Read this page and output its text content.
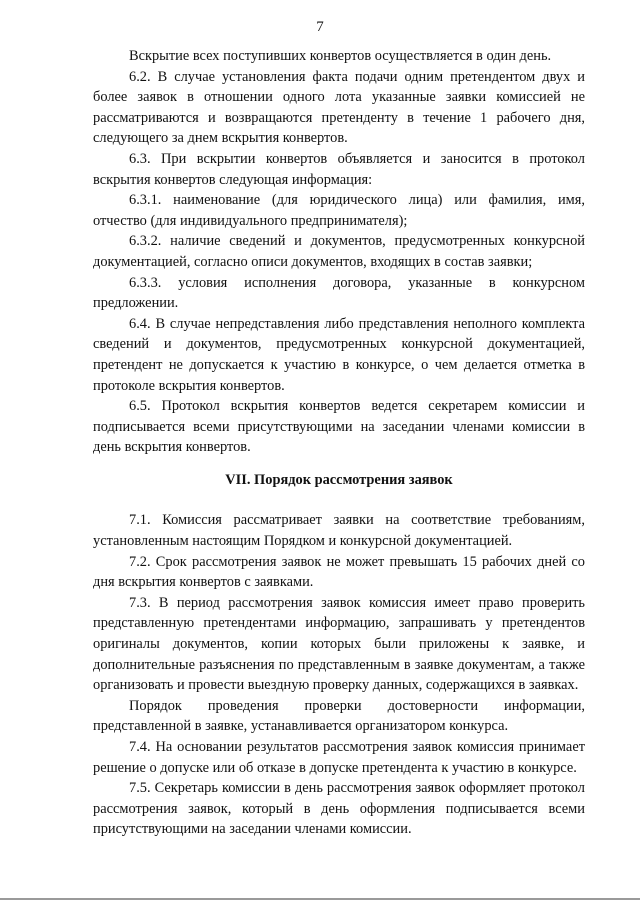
7

Вскрытие всех поступивших конвертов осуществляется в один день.

6.2. В случае установления факта подачи одним претендентом двух и более заявок в отношении одного лота указанные заявки комиссией не рассматриваются и возвращаются претенденту в течение 1 рабочего дня, следующего за днем вскрытия конвертов.

6.3. При вскрытии конвертов объявляется и заносится в протокол вскрытия конвертов следующая информация:

6.3.1. наименование (для юридического лица) или фамилия, имя, отчество (для индивидуального предпринимателя);

6.3.2. наличие сведений и документов, предусмотренных конкурсной документацией, согласно описи документов, входящих в состав заявки;

6.3.3. условия исполнения договора, указанные в конкурсном предложении.

6.4. В случае непредставления либо представления неполного комплекта сведений и документов, предусмотренных конкурсной документацией, претендент не допускается к участию в конкурсе, о чем делается отметка в протоколе вскрытия конвертов.

6.5. Протокол вскрытия конвертов ведется секретарем комиссии и подписывается всеми присутствующими на заседании членами комиссии в день вскрытия конвертов.

VII. Порядок рассмотрения заявок

7.1. Комиссия рассматривает заявки на соответствие требованиям, установленным настоящим Порядком и конкурсной документацией.

7.2. Срок рассмотрения заявок не может превышать 15 рабочих дней со дня вскрытия конвертов с заявками.

7.3. В период рассмотрения заявок комиссия имеет право проверить представленную претендентами информацию, запрашивать у претендентов оригиналы документов, копии которых были приложены к заявке, и дополнительные разъяснения по представленным в заявке документам, а также организовать и провести выездную проверку данных, содержащихся в заявках.

Порядок проведения проверки достоверности информации, представленной в заявке, устанавливается организатором конкурса.

7.4. На основании результатов рассмотрения заявок комиссия принимает решение о допуске или об отказе в допуске претендента к участию в конкурсе.

7.5. Секретарь комиссии в день рассмотрения заявок оформляет протокол рассмотрения заявок, который в день оформления подписывается всеми присутствующими на заседании членами комиссии.
